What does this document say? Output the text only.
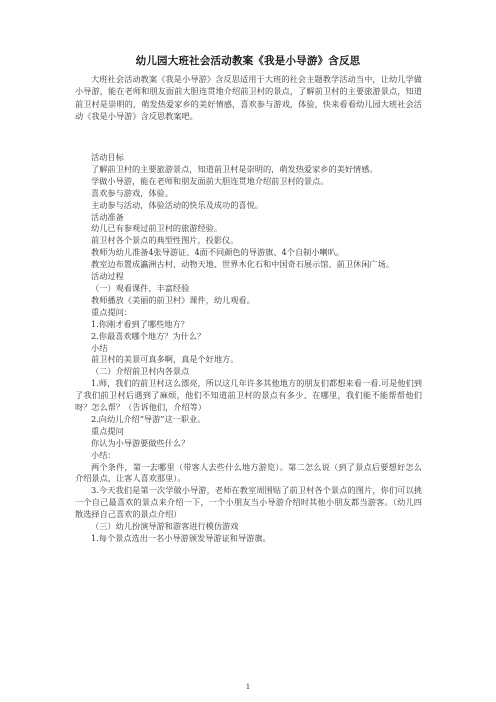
幼儿园大班社会活动教案《我是小导游》含反思
大班社会活动教案《我是小导游》含反思适用于大班的社会主题教学活动当中，让幼儿学做小导游，能在老师和朋友面前大胆连贯地介绍前卫村的景点，了解前卫村的主要旅游景点，知道前卫村是崇明的，萌发热爱家乡的美好情感，喜欢参与游戏，体验，快来看看幼儿园大班社会活动《我是小导游》含反思教案吧。

活动目标

了解前卫村的主要旅游景点，知道前卫村是崇明的，萌发热爱家乡的美好情感。

学做小导游，能在老师和朋友面前大胆连贯地介绍前卫村的景点。

喜欢参与游戏，体验。

主动参与活动，体验活动的快乐及成功的喜悦。

活动准备

幼儿已有参观过前卫村的旅游经验。

前卫村各个景点的典型性图片，投影仪。

教师为幼儿准备4张导游证、4面不同颜色的导游旗、4个自制小喇叭。

教室边布置成瀛洲古村、动物天地、世界木化石和中国奇石展示馆、前卫休闲广场。

活动过程

（一）观看课件，丰富经验

教师播放《美丽的前卫村》课件，幼儿观看。

重点提问：

1.你刚才看到了哪些地方？

2.你最喜欢哪个地方？为什么？

小结

前卫村的美景可真多啊，真是个好地方。

（二）介绍前卫村内各景点

1.师，我们的前卫村这么漂亮，所以这几年许多其他地方的朋友们都想来看一看.可是他们到了我们前卫村后遇到了麻烦，他们不知道前卫村的景点有多少、在哪里，我们能不能帮帮他们呀？怎么帮？（告诉他们，介绍等）

2.向幼儿介绍“导游”这一职业。

重点提问

你认为小导游要做些什么？

小结：

两个条件，第一去哪里（带客人去些什么地方游览）。第二怎么说（到了景点后要想好怎么介绍景点，让客人喜欢那里）。

3.今天我们是第一次学做小导游，老师在教室周围贴了前卫村各个景点的图片，你们可以挑一个自己最喜欢的景点来介绍一下，一个小朋友当小导游介绍时其他小朋友都当游客。（幼儿四散选择自己喜欢的景点介绍）

（三）幼儿扮演导游和游客进行模仿游戏

1.每个景点选出一名小导游颁发导游证和导游旗。

1
